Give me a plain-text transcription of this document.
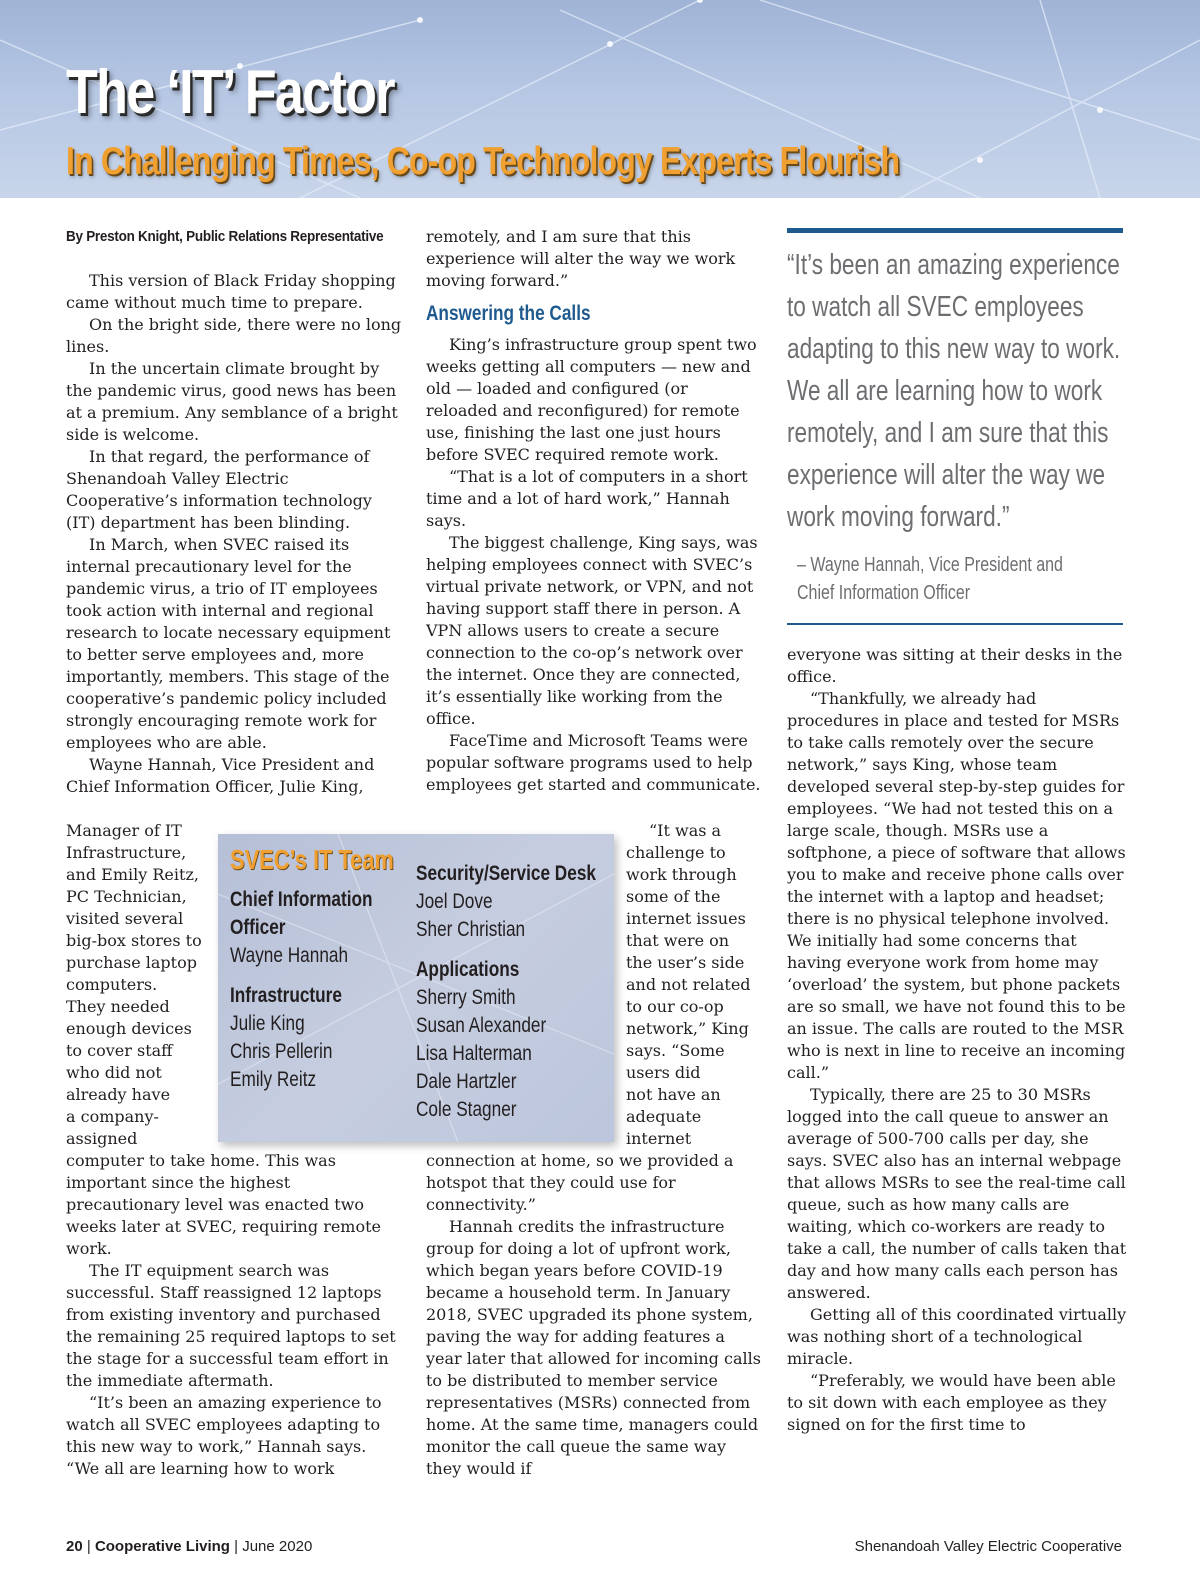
The ‘IT’ Factor
In Challenging Times, Co-op Technology Experts Flourish
By Preston Knight, Public Relations Representative

This version of Black Friday shopping came without much time to prepare.

On the bright side, there were no long lines.

In the uncertain climate brought by the pandemic virus, good news has been at a premium. Any semblance of a bright side is welcome.

In that regard, the performance of Shenandoah Valley Electric Cooperative’s information technology (IT) department has been blinding.

In March, when SVEC raised its internal precautionary level for the pandemic virus, a trio of IT employees took action with internal and regional research to locate necessary equipment to better serve employees and, more importantly, members. This stage of the cooperative’s pandemic policy included strongly encouraging remote work for employees who are able.

Wayne Hannah, Vice President and Chief Information Officer, Julie King,

Manager of IT
Infrastructure,
and Emily Reitz,
PC Technician,
visited several
big-box stores to
purchase laptop
computers.
They needed
enough devices
to cover staff
who did not
already have
a company-
assigned

computer to take home. This was important since the highest precautionary level was enacted two weeks later at SVEC, requiring remote work.

The IT equipment search was successful. Staff reassigned 12 laptops from existing inventory and purchased the remaining 25 required laptops to set the stage for a successful team effort in the immediate aftermath.

“It’s been an amazing experience to watch all SVEC employees adapting to this new way to work,” Hannah says. “We all are learning how to work

remotely, and I am sure that this experience will alter the way we work moving forward.”

Answering the Calls

King’s infrastructure group spent two weeks getting all computers — new and old — loaded and configured (or reloaded and reconfigured) for remote use, finishing the last one just hours before SVEC required remote work.

“That is a lot of computers in a short time and a lot of hard work,” Hannah says.

The biggest challenge, King says, was helping employees connect with SVEC’s virtual private network, or VPN, and not having support staff there in person. A VPN allows users to create a secure connection to the co-op’s network over the internet. Once they are connected, it’s essentially like working from the office.

FaceTime and Microsoft Teams were popular software programs used to help employees get started and communicate.

“It was a
challenge to
work through
some of the
internet issues
that were on
the user’s side
and not related
to our co-op
network,” King
says. “Some
users did
not have an
adequate
internet

connection at home, so we provided a hotspot that they could use for connectivity.”

Hannah credits the infrastructure group for doing a lot of upfront work, which began years before COVID-19 became a household term. In January 2018, SVEC upgraded its phone system, paving the way for adding features a year later that allowed for incoming calls to be distributed to member service representatives (MSRs) connected from home. At the same time, managers could monitor the call queue the same way they would if

SVEC’s IT Team
Chief Information Officer
Wayne Hannah
Infrastructure
Julie King
Chris Pellerin
Emily Reitz
Security/Service Desk
Joel Dove
Sher Christian
Applications
Sherry Smith
Susan Alexander
Lisa Halterman
Dale Hartzler
Cole Stagner

“It’s been an amazing experience to watch all SVEC employees adapting to this new way to work. We all are learning how to work remotely, and I am sure that this experience will alter the way we work moving forward.”

– Wayne Hannah, Vice President and Chief Information Officer

everyone was sitting at their desks in the office.

“Thankfully, we already had procedures in place and tested for MSRs to take calls remotely over the secure network,” says King, whose team developed several step-by-step guides for employees. “We had not tested this on a large scale, though. MSRs use a softphone, a piece of software that allows you to make and receive phone calls over the internet with a laptop and headset; there is no physical telephone involved. We initially had some concerns that having everyone work from home may ‘overload’ the system, but phone packets are so small, we have not found this to be an issue. The calls are routed to the MSR who is next in line to receive an incoming call.”

Typically, there are 25 to 30 MSRs logged into the call queue to answer an average of 500-700 calls per day, she says. SVEC also has an internal webpage that allows MSRs to see the real-time call queue, such as how many calls are waiting, which co-workers are ready to take a call, the number of calls taken that day and how many calls each person has answered.

Getting all of this coordinated virtually was nothing short of a technological miracle.

“Preferably, we would have been able to sit down with each employee as they signed on for the first time to

20 | Cooperative Living | June 2020	Shenandoah Valley Electric Cooperative
